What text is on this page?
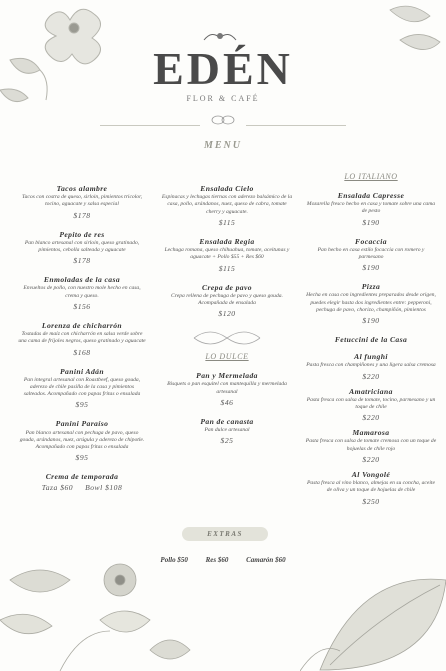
EDÉN
FLOR & CAFÉ
MENU
Tacos alambre
Tacos con costra de queso, sirloin, pimientos tricolor, tocino, aguacate y salsa especial
$178
Pepito de res
Pan blanco artesanal con sirloin, queso gratinado, pimientos, cebolla salteada y aguacate
$178
Enmoladas de la casa
Envueltos de pollo, con nuestro mole hecho en casa, crema y queso.
$156
Lorenza de chicharrón
Tostadas de maíz con chicharrón en salsa verde sobre una cama de frijoles negros, queso gratinado y aguacate
$168
Panini Adán
Pan integral artesanal con Roastbeef, queso gouda, aderezo de chile pasilla de la casa y pimientos salteados. Acompañado con papas fritas o ensalada
$95
Panini Paraíso
Pan blanco artesanal con pechuga de pavo, queso gouda, arándanos, nuez, arúgula y aderezo de chipotle. Acompañado con papas fritas o ensalada
$95
Crema de temporada
Taza $60     Bowl $108
Ensalada Cielo
Espinacas y lechugas tiernas con aderezo balsámico de la casa, pollo, arándanos, nuez, queso de cabra, tomate cherry y aguacate.
$115
Ensalada Regia
Lechuga romana, queso chihuahua, tomate, aceitunas y aguacate + Pollo $55 + Res $60
$115
Crepa de pavo
Crepa rellena de pechuga de pavo y queso gouda. Acompañada de ensalada
$120
LO DULCE
Pan y Mermelada
Bisquets o pan esquitel con mantequilla y mermelada artesanal
$46
Pan de canasta
Pan dulce artesanal
$25
LO ITALIANO
Ensalada Capresse
Mozarella fresco hecho en casa y tomate sobre una cama de pesto
$190
Focaccia
Pan hecho en casa estilo focaccia con romero y parmesano
$190
Pizza
Hecha en casa con ingredientes preparados desde origen, puedes elegir hasta dos ingredientes entre: pepperoni, pechuga de pavo, chorizo, champiñón, pimientos
$190
Fetuccini de la Casa
Al funghi
Pasta fresca con champiñones y una ligera salsa cremosa
$220
Amatriciana
Pasta fresca con salsa de tomate, tocino, parmesano y un toque de chile
$220
Mamarosa
Pasta fresca con salsa de tomate cremosa con un toque de hojuelas de chile rojo
$220
Al Vongolé
Pasta fresca al vino blanco, almejas en su concha, aceite de oliva y un toque de hojuelas de chile
$250
EXTRAS
Pollo $50	Res $60	Camarón $60
